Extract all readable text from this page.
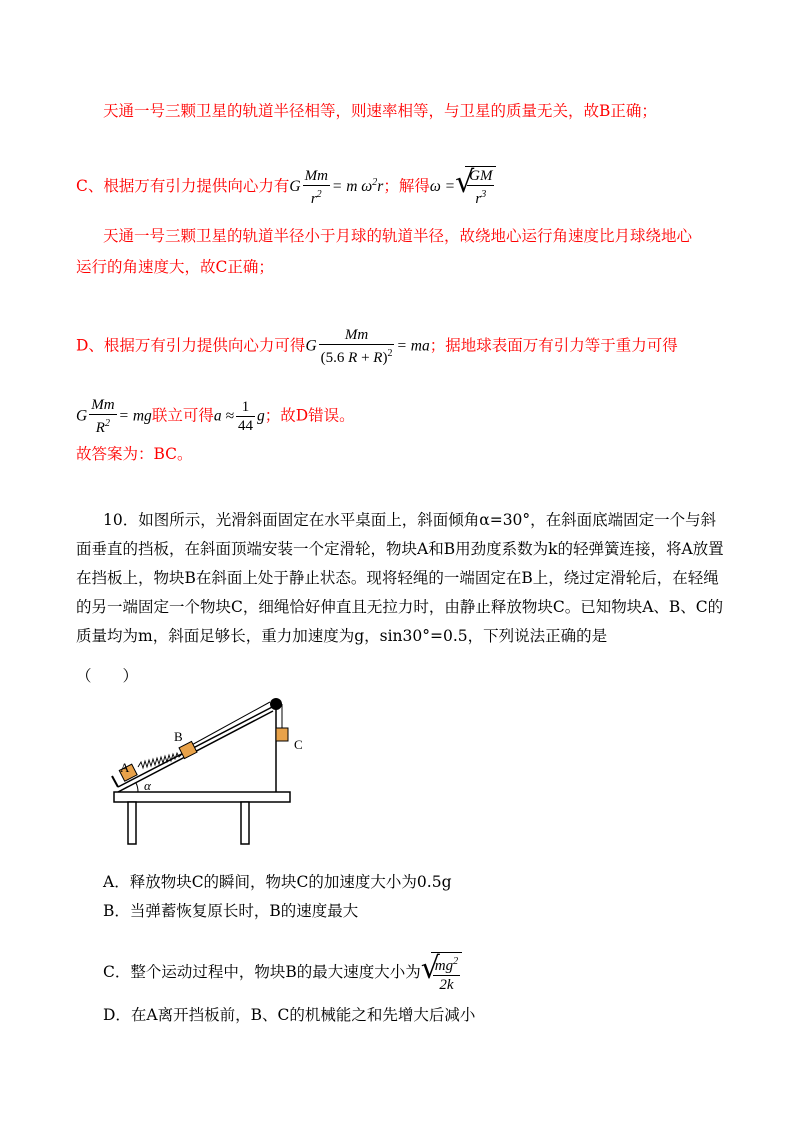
天通一号三颗卫星的轨道半径相等，则速率相等，与卫星的质量无关，故B正确；
C、根据万有引力提供向心力有G $\frac{Mm}{r^2} = m$ $\omega^2r$；解得ω = √
$\frac{GM}{r^3}$
天通一号三颗卫星的轨道半径小于月球的轨道半径，故绕地心运行角速度比月球绕地心
运行的角速度大，故C正确；
D、根据万有引力提供向心力可得G $\frac{Mm}{(5.6 R + R)^2}$ = ma；据地球表面万有引力等于重力可得
G $\frac{Mm}{R^2}$ = mg联立可得$a \approx \frac{1}{44}$ g；故D错误。
故答案为：BC。
10．如图所示，光滑斜面固定在水平桌面上，斜面倾角α=30°，在斜面底端固定一个与斜面垂直的挡板，在斜面顶端安装一个定滑轮，物块A和B用劲度系数为k的轻弹簧连接，将A放置在挡板上，物块B在斜面上处于静止状态。现将轻绳的一端固定在B上，绕过定滑轮后，在轻绳的另一端固定一个物块C，细绳恰好伸直且无拉力时，由静止释放物块C。已知物块A、B、C的质量均为m，斜面足够长，重力加速度为g，sin30°=0.5，下列说法正确的是
（　　）
A
B
C
α
A．释放物块C的瞬间，物块C的加速度大小为0.5g
B．当弹蓄恢复原长时，B的速度最大
C．整个运动过程中，物块B的最大速度大小为 √
$\frac{mg^2}{2k}$
D．在A离开挡板前，B、C的机械能之和先增大后减小
